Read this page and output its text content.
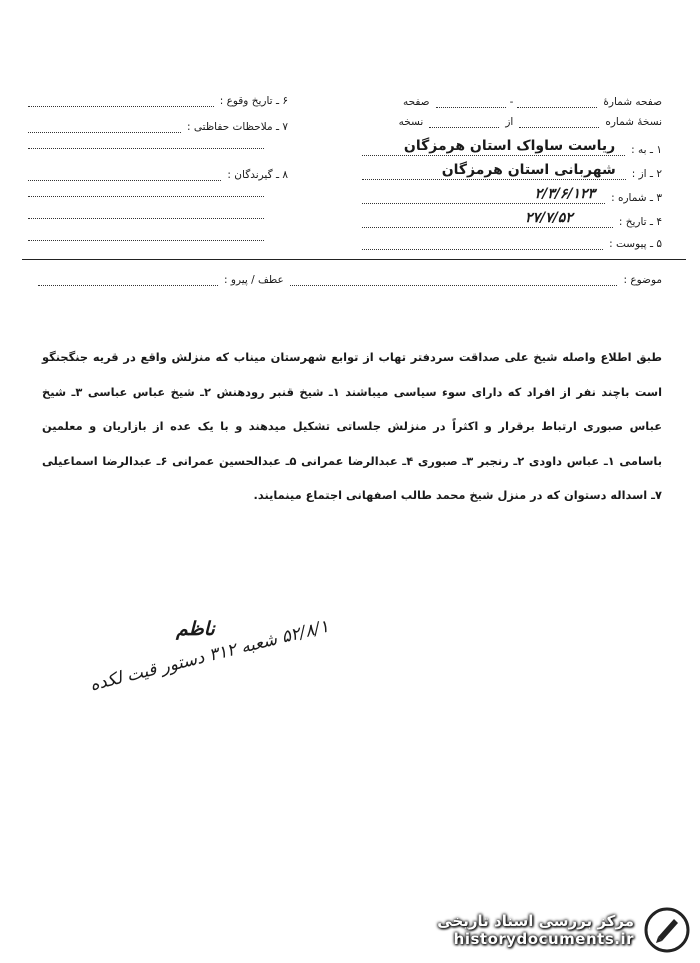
صفحه شمارهٔ
-
صفحه
نسخهٔ شماره
از
نسخه
۱ ـ به :
ریاست ساواک استان هرمزگان
۲ ـ از :
شهربانی استان هرمزگان
۳ ـ شماره :
۲/۳/۶/۱۲۳
۴ ـ تاریخ :
۲۷/۷/۵۲
۵ ـ پیوست :
۶ ـ تاریخ وقوع :
۷ ـ ملاحظات حفاظتی :
۸ ـ گیرندگان :
موضوع :
عطف / پیرو :
طبق اطلاع واصله شیخ علی صداقت سردفتر تهاب از توابع شهرستان میناب که منزلش واقع در قریه جنگجنگو است باچند نفر از افراد که دارای سوء سیاسی میباشند ۱ـ شیخ قنبر رودهنش ۲ـ شیخ عباس عباسی ۳ـ شیخ عباس صبوری ارتباط برقرار و اکثراً در منزلش جلساتی تشکیل میدهند و با یک عده از بازاریان و معلمین باسامی ۱ـ عباس داودی ۲ـ رنجبر ۳ـ صبوری ۴ـ عبدالرضا عمرانی ۵ـ عبدالحسین عمرانی ۶ـ عبدالرضا اسماعیلی ۷ـ اسداله دستوان که در منزل شیخ محمد طالب اصفهانی اجتماع مینمایند.
ناظم
۵۲/۸/۱ شعبه ۳۱۲ دستور قیت لکده
مرکز بررسی اسناد تاریخی
historydocuments.ir
